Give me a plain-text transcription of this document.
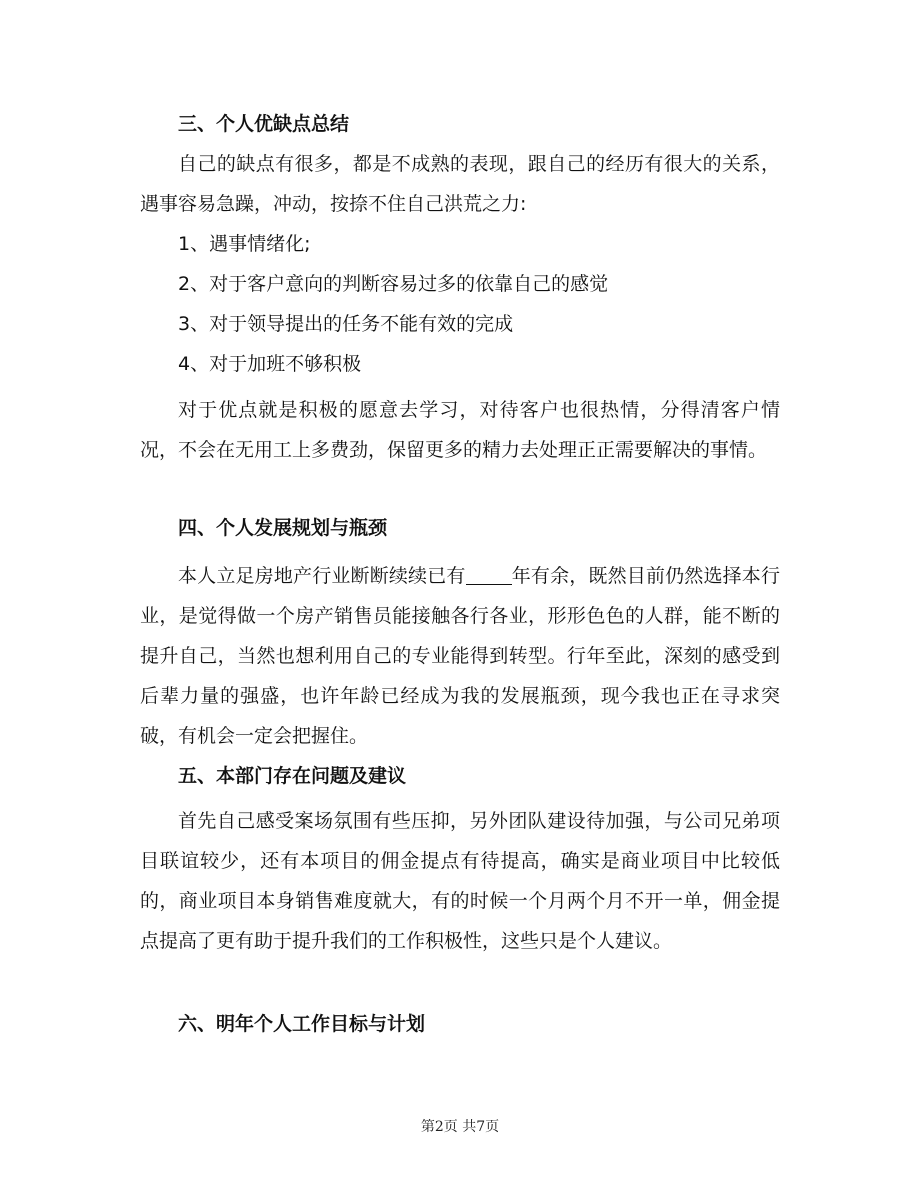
三、个人优缺点总结
自己的缺点有很多，都是不成熟的表现，跟自己的经历有很大的关系，遇事容易急躁，冲动，按捺不住自己洪荒之力:
1、遇事情绪化;
2、对于客户意向的判断容易过多的依靠自己的感觉
3、对于领导提出的任务不能有效的完成
4、对于加班不够积极
对于优点就是积极的愿意去学习，对待客户也很热情，分得清客户情况，不会在无用工上多费劲，保留更多的精力去处理正正需要解决的事情。
四、个人发展规划与瓶颈
本人立足房地产行业断断续续已有 年有余，既然目前仍然选择本行业，是觉得做一个房产销售员能接触各行各业，形形色色的人群，能不断的提升自己，当然也想利用自己的专业能得到转型。行年至此，深刻的感受到后辈力量的强盛，也许年龄已经成为我的发展瓶颈，现今我也正在寻求突破，有机会一定会把握住。
五、本部门存在问题及建议
首先自己感受案场氛围有些压抑，另外团队建设待加强，与公司兄弟项目联谊较少，还有本项目的佣金提点有待提高，确实是商业项目中比较低的，商业项目本身销售难度就大，有的时候一个月两个月不开一单，佣金提点提高了更有助于提升我们的工作积极性，这些只是个人建议。
六、明年个人工作目标与计划
第2页 共7页
